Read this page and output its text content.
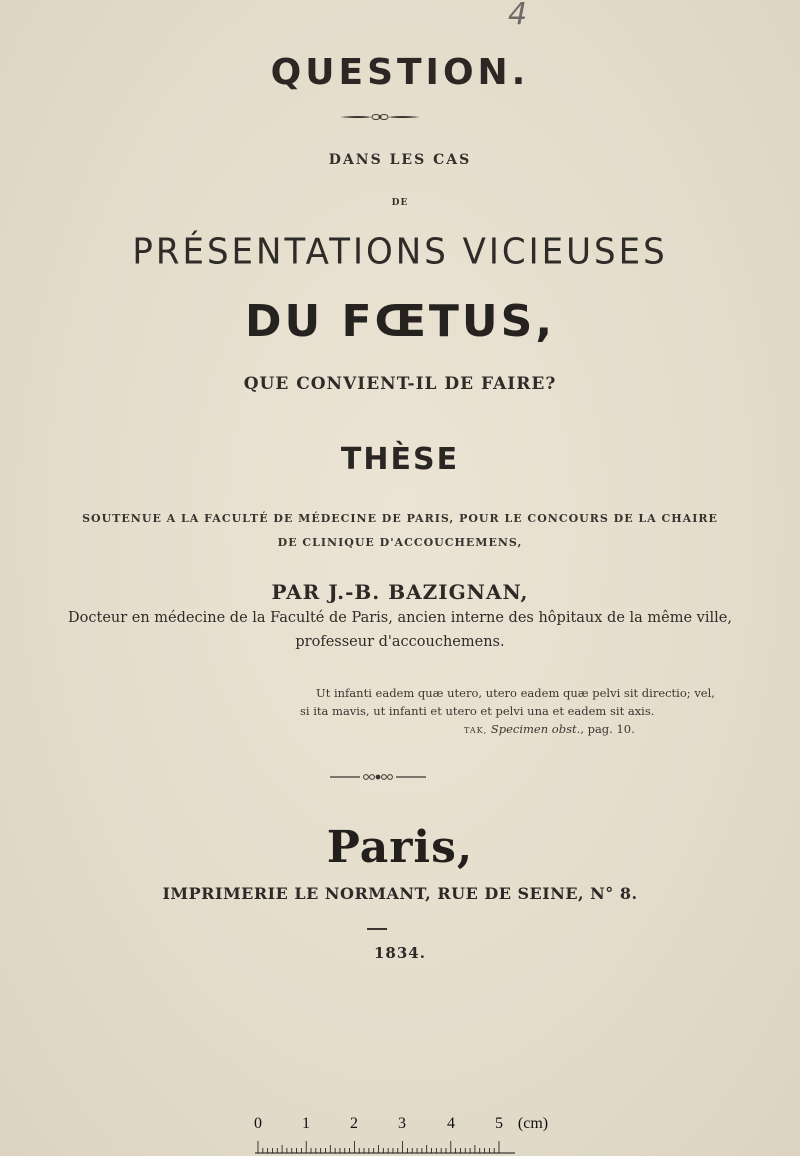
4
QUESTION.
DANS LES CAS
DE
PRÉSENTATIONS VICIEUSES
DU FŒTUS,
QUE CONVIENT-IL DE FAIRE?
THÈSE
SOUTENUE A LA FACULTÉ DE MÉDECINE DE PARIS, POUR LE CONCOURS DE LA CHAIRE
DE CLINIQUE D'ACCOUCHEMENS,
PAR J.-B. BAZIGNAN,
Docteur en médecine de la Faculté de Paris, ancien interne des hôpitaux de la même ville,
professeur d'accouchemens.
Ut infanti eadem quæ utero, utero eadem quæ pelvi sit directio; vel,
si ita mavis, ut infanti et utero et pelvi una et eadem sit axis.
TAK, Specimen obst., pag. 10.
Paris,
IMPRIMERIE LE NORMANT, RUE DE SEINE, N° 8.
1834.
0	1	2	3	4	5 (cm)
